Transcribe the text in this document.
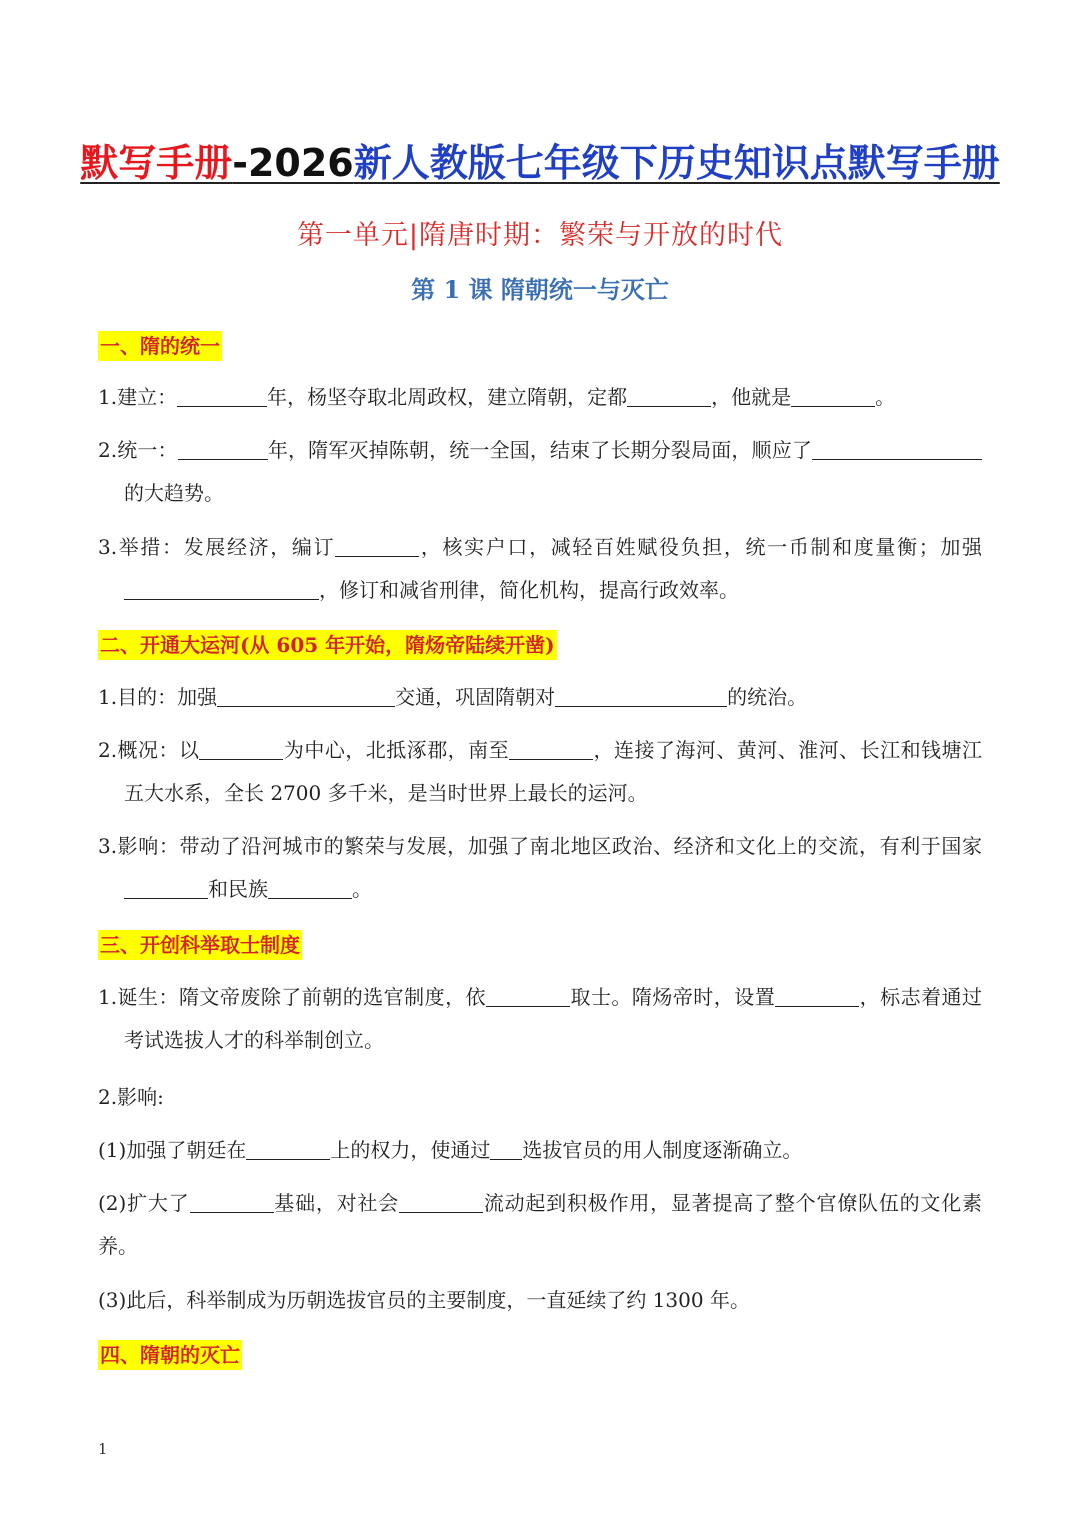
默写手册-2026新人教版七年级下历史知识点默写手册
第一单元|隋唐时期：繁荣与开放的时代
第 1 课 隋朝统一与灭亡
一、隋的统一
1.建立：	年，杨坚夺取北周政权，建立隋朝，定都	，他就是	。
2.统一：	年，隋军灭掉陈朝，统一全国，结束了长期分裂局面，顺应了的大趋势。
3.举措：发展经济，编订	，核实户口，减轻百姓赋役负担，统一币制和度量衡；加强，修订和减省刑律，简化机构，提高行政效率。
二、开通大运河(从 605 年开始，隋炀帝陆续开凿)
1.目的：加强	交通，巩固隋朝对	的统治。
2.概况：以	为中心，北抵涿郡，南至	，连接了海河、黄河、淮河、长江和钱塘江五大水系，全长 2700 多千米，是当时世界上最长的运河。
3.影响：带动了沿河城市的繁荣与发展，加强了南北地区政治、经济和文化上的交流，有利于国家和民族	。
三、开创科举取士制度
1.诞生：隋文帝废除了前朝的选官制度，依	取士。隋炀帝时，设置	，标志着通过考试选拔人才的科举制创立。
2.影响:
(1)加强了朝廷在	上的权力，使通过 选拔官员的用人制度逐渐确立。
(2)扩大了	基础，对社会	流动起到积极作用，显著提高了整个官僚队伍的文化素养。
(3)此后，科举制成为历朝选拔官员的主要制度，一直延续了约 1300 年。
四、隋朝的灭亡
1
